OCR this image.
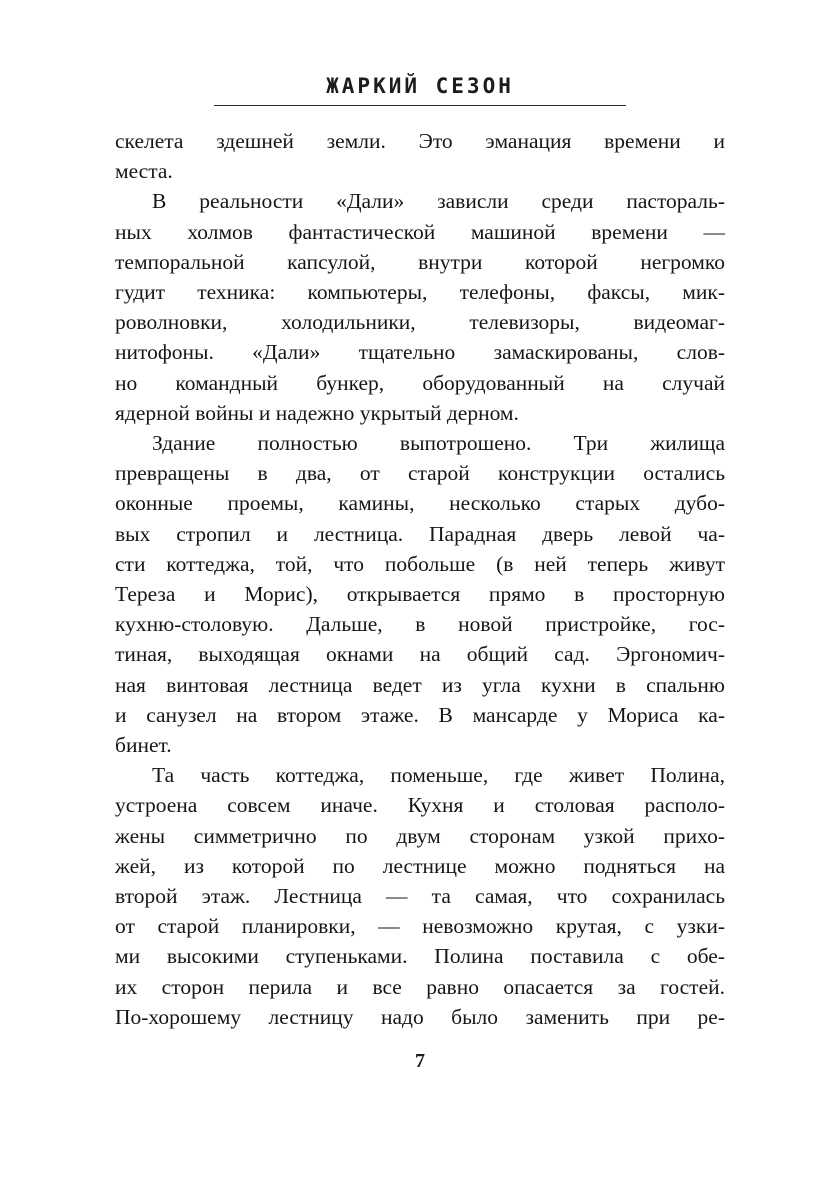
ЖАРКИЙ СЕЗОН
скелета здешней земли. Это эманация времени и
места.
В реальности «Дали» зависли среди пастораль-
ных холмов фантастической машиной времени —
темпоральной капсулой, внутри которой негромко
гудит техника: компьютеры, телефоны, факсы, мик-
роволновки, холодильники, телевизоры, видеомаг-
нитофоны. «Дали» тщательно замаскированы, слов-
но командный бункер, оборудованный на случай
ядерной войны и надежно укрытый дерном.
Здание полностью выпотрошено. Три жилища
превращены в два, от старой конструкции остались
оконные проемы, камины, несколько старых дубо-
вых стропил и лестница. Парадная дверь левой ча-
сти коттеджа, той, что побольше (в ней теперь живут
Тереза и Морис), открывается прямо в просторную
кухню-столовую. Дальше, в новой пристройке, гос-
тиная, выходящая окнами на общий сад. Эргономич-
ная винтовая лестница ведет из угла кухни в спальню
и санузел на втором этаже. В мансарде у Мориса ка-
бинет.
Та часть коттеджа, поменьше, где живет Полина,
устроена совсем иначе. Кухня и столовая располо-
жены симметрично по двум сторонам узкой прихо-
жей, из которой по лестнице можно подняться на
второй этаж. Лестница — та самая, что сохранилась
от старой планировки, — невозможно крутая, с узки-
ми высокими ступеньками. Полина поставила с обе-
их сторон перила и все равно опасается за гостей.
По-хорошему лестницу надо было заменить при ре-
7
